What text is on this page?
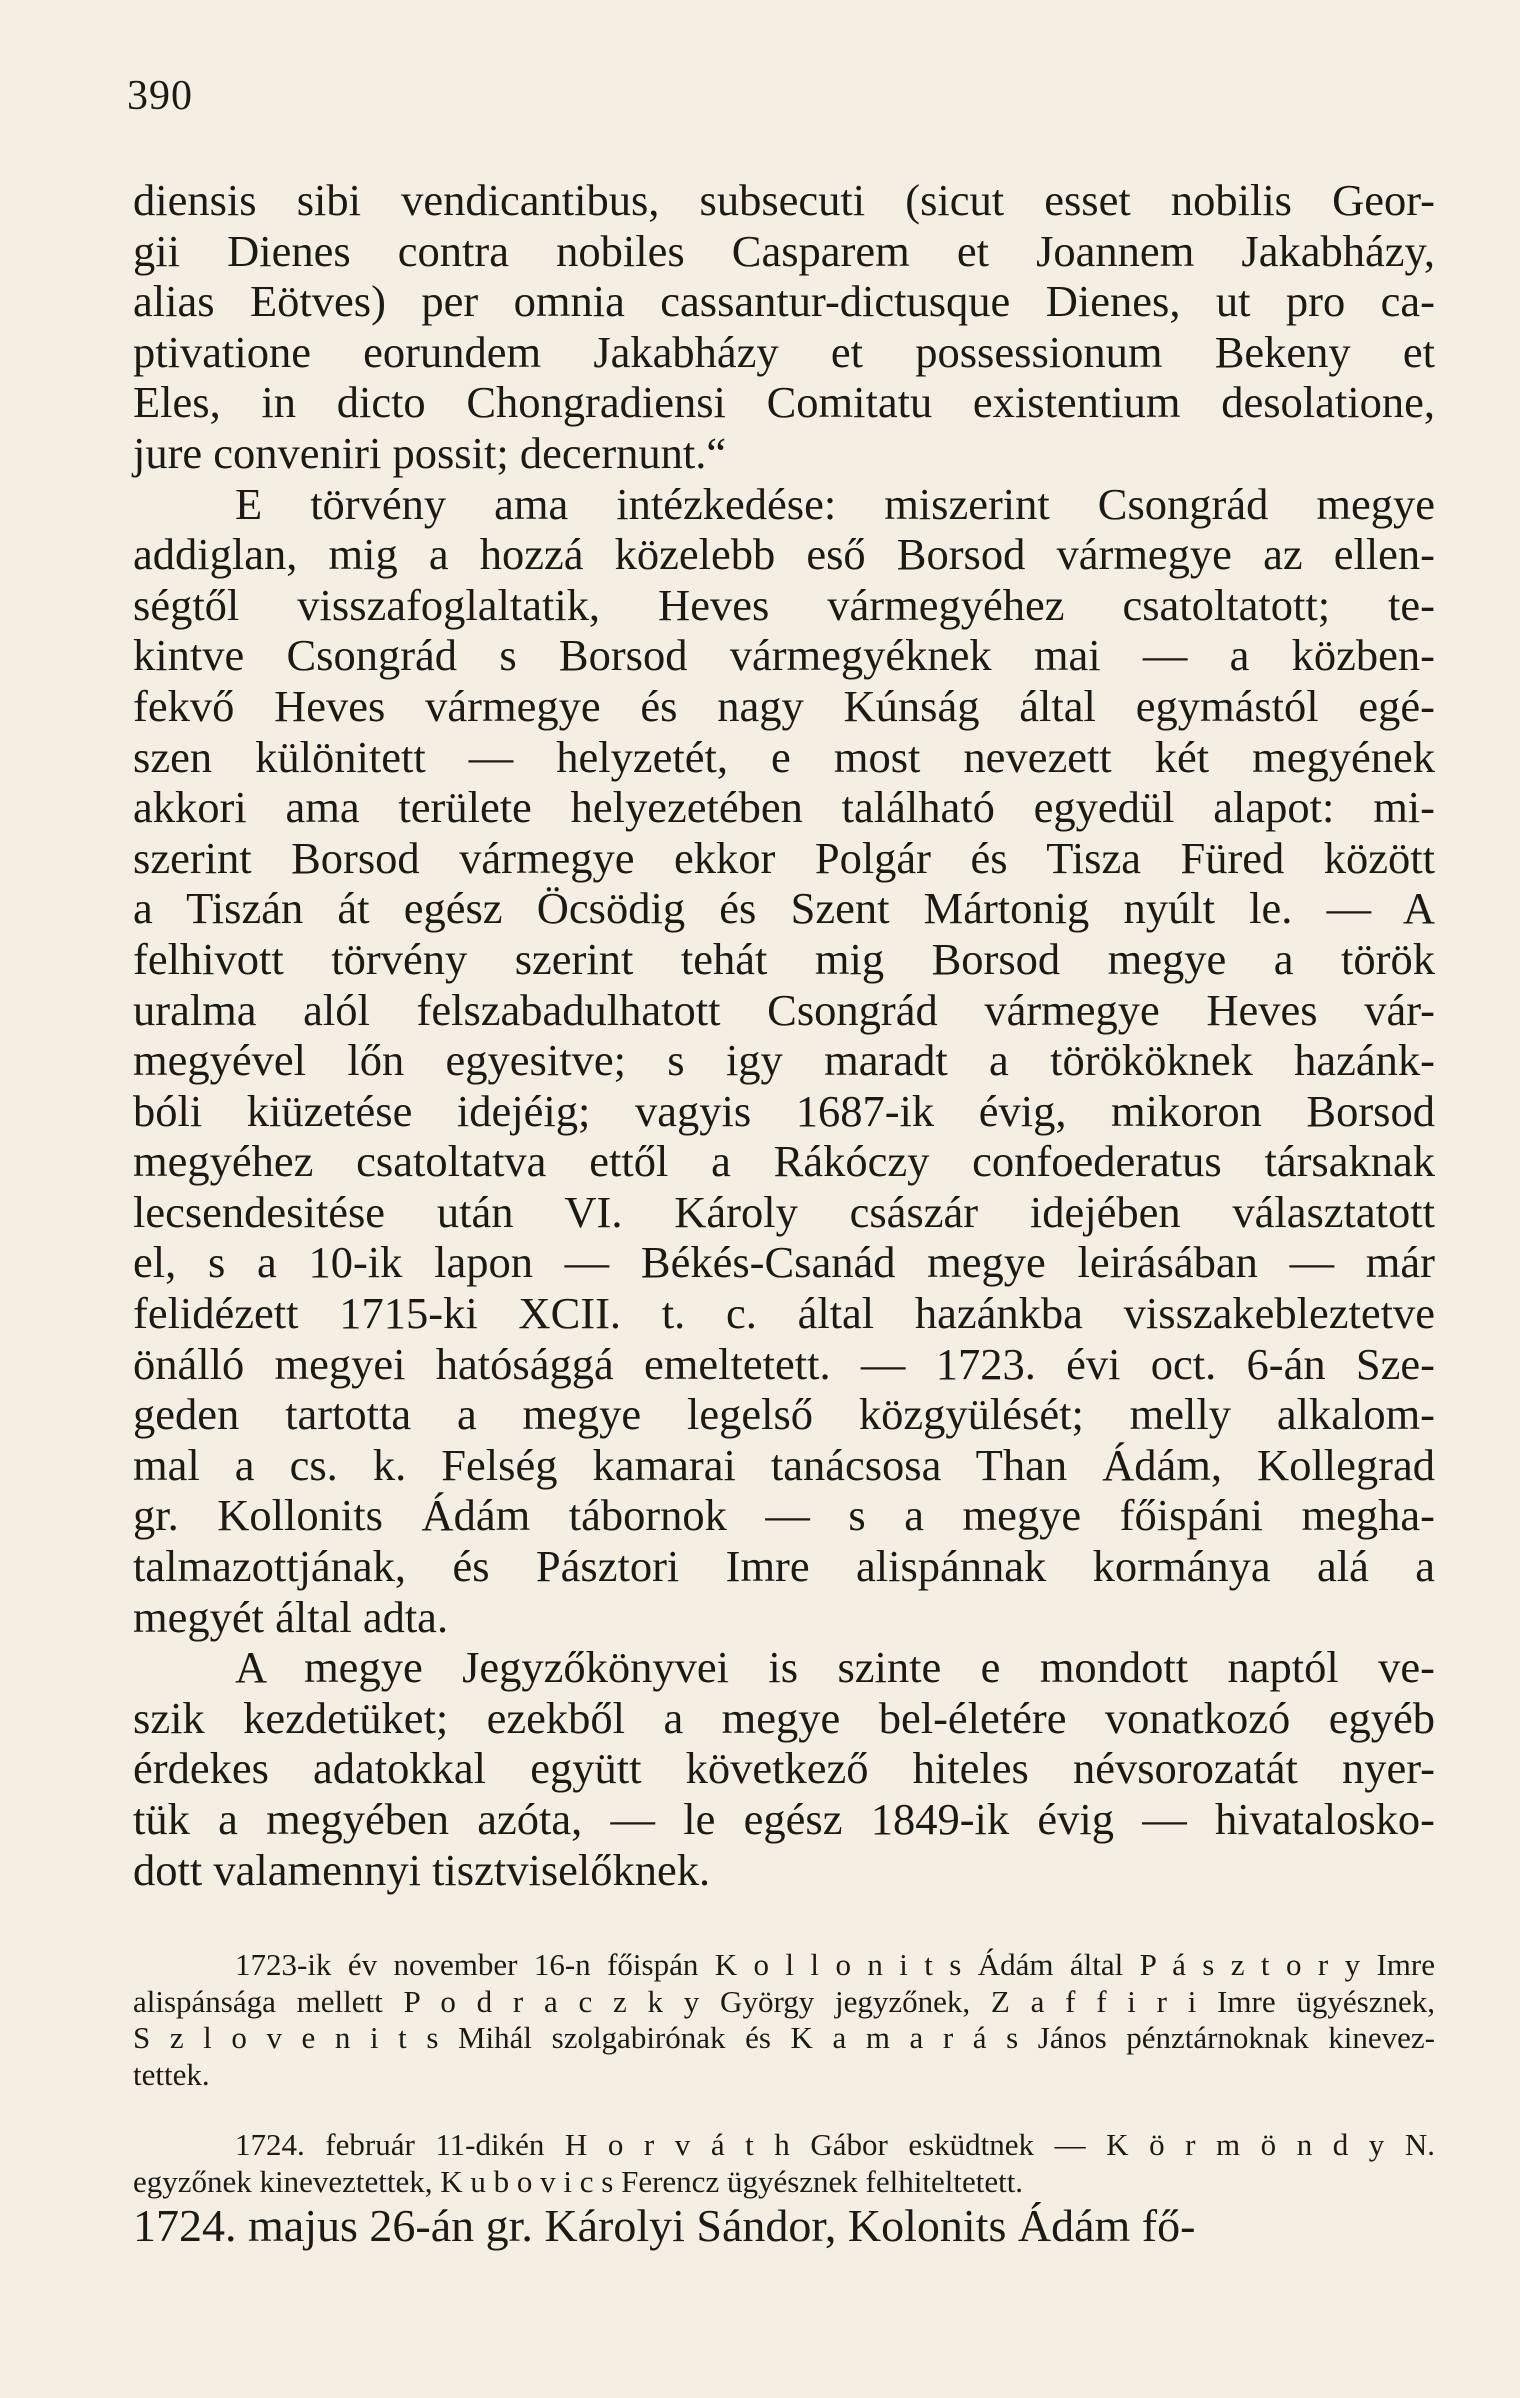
390
diensis sibi vendicantibus, subsecuti (sicut esset nobilis Geor-
gii Dienes contra nobiles Casparem et Joannem Jakabházy,
alias Eötves) per omnia cassantur-dictusque Dienes, ut pro ca-
ptivatione eorundem Jakabházy et possessionum Bekeny et
Eles, in dicto Chongradiensi Comitatu existentium desolatione,
jure conveniri possit; decernunt.“
E törvény ama intézkedése: miszerint Csongrád megye
addiglan, mig a hozzá közelebb eső Borsod vármegye az ellen-
ségtől visszafoglaltatik, Heves vármegyéhez csatoltatott; te-
kintve Csongrád s Borsod vármegyéknek mai — a közben-
fekvő Heves vármegye és nagy Kúnság által egymástól egé-
szen különitett — helyzetét, e most nevezett két megyének
akkori ama területe helyezetében található egyedül alapot: mi-
szerint Borsod vármegye ekkor Polgár és Tisza Füred között
a Tiszán át egész Öcsödig és Szent Mártonig nyúlt le. — A
felhivott törvény szerint tehát mig Borsod megye a török
uralma alól felszabadulhatott Csongrád vármegye Heves vár-
megyével lőn egyesitve; s igy maradt a törököknek hazánk-
bóli kiüzetése idejéig; vagyis 1687-ik évig, mikoron Borsod
megyéhez csatoltatva ettől a Rákóczy confoederatus társaknak
lecsendesitése után VI. Károly császár idejében választatott
el, s a 10-ik lapon — Békés-Csanád megye leirásában — már
felidézett 1715-ki XCII. t. c. által hazánkba visszakebleztetve
önálló megyei hatósággá emeltetett. — 1723. évi oct. 6-án Sze-
geden tartotta a megye legelső közgyülését; melly alkalom-
mal a cs. k. Felség kamarai tanácsosa Than Ádám, Kollegrad
gr. Kollonits Ádám tábornok — s a megye főispáni megha-
talmazottjának, és Pásztori Imre alispánnak kormánya alá a
megyét által adta.
A megye Jegyzőkönyvei is szinte e mondott naptól ve-
szik kezdetüket; ezekből a megye bel-életére vonatkozó egyéb
érdekes adatokkal együtt következő hiteles névsorozatát nyer-
tük a megyében azóta, — le egész 1849-ik évig — hivatalosko-
dott valamennyi tisztviselőknek.
1723-ik év november 16-n főispán K o l l o n i t s Ádám által P á s z t o r y Imre
alispánsága mellett P o d r a c z k y György jegyzőnek, Z a f f i r i Imre ügyésznek,
S z l o v e n i t s Mihál szolgabirónak és K a m a r á s János pénztárnoknak kinevez-
tettek.
1724. február 11-dikén H o r v á t h Gábor esküdtnek — K ö r m ö n d y N.
egyzőnek kineveztettek, K u b o v i c s Ferencz ügyésznek felhiteltetett.
1724. majus 26-án gr. Károlyi Sándor, Kolonits Ádám fő-
